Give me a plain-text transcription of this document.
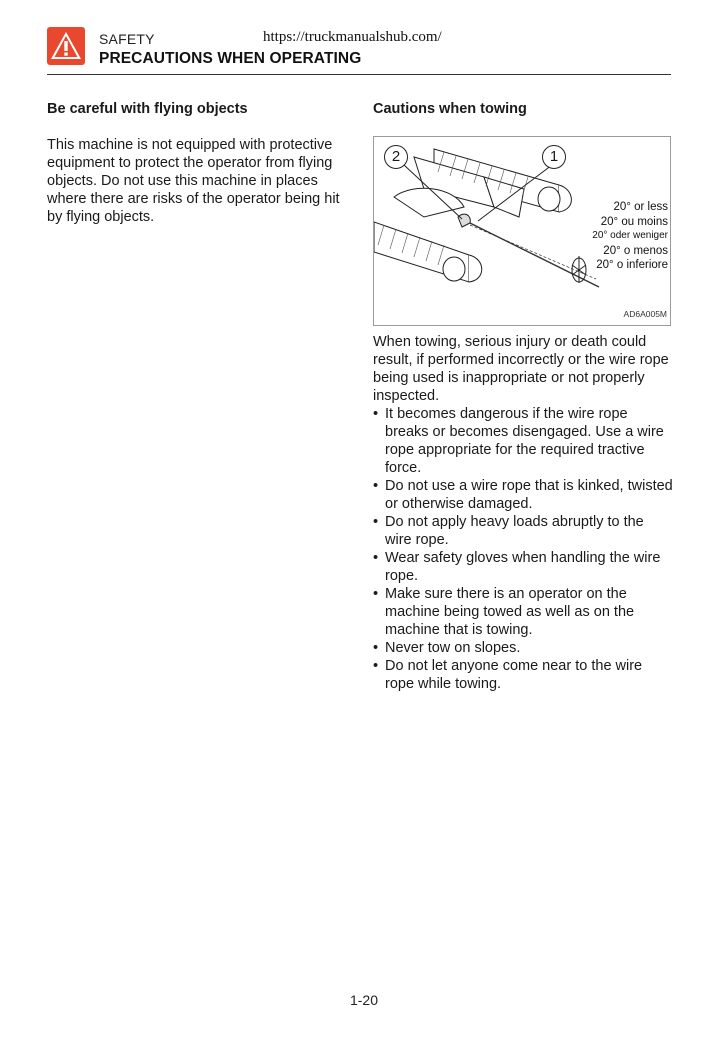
SAFETY	https://truckmanualshub.com/
PRECAUTIONS WHEN OPERATING
Be careful with flying objects

This machine is not equipped with protective equipment to protect the operator from flying objects. Do not use this machine in places where there are risks of the operator being hit by flying objects.

Cautions when towing
2	1
20° or less
20° ou moins
20° oder weniger
20° o menos
20° o inferiore
AD6A005M

When towing, serious injury or death could result, if performed incorrectly or the wire rope being used is inappropriate or not properly inspected.

• It becomes dangerous if the wire rope breaks or becomes disengaged. Use a wire rope appropriate for the required tractive force.
• Do not use a wire rope that is kinked, twisted or otherwise damaged.
• Do not apply heavy loads abruptly to the wire rope.
• Wear safety gloves when handling the wire rope.
• Make sure there is an operator on the machine being towed as well as on the machine that is towing.
• Never tow on slopes.
• Do not let anyone come near to the wire rope while towing.
1-20
